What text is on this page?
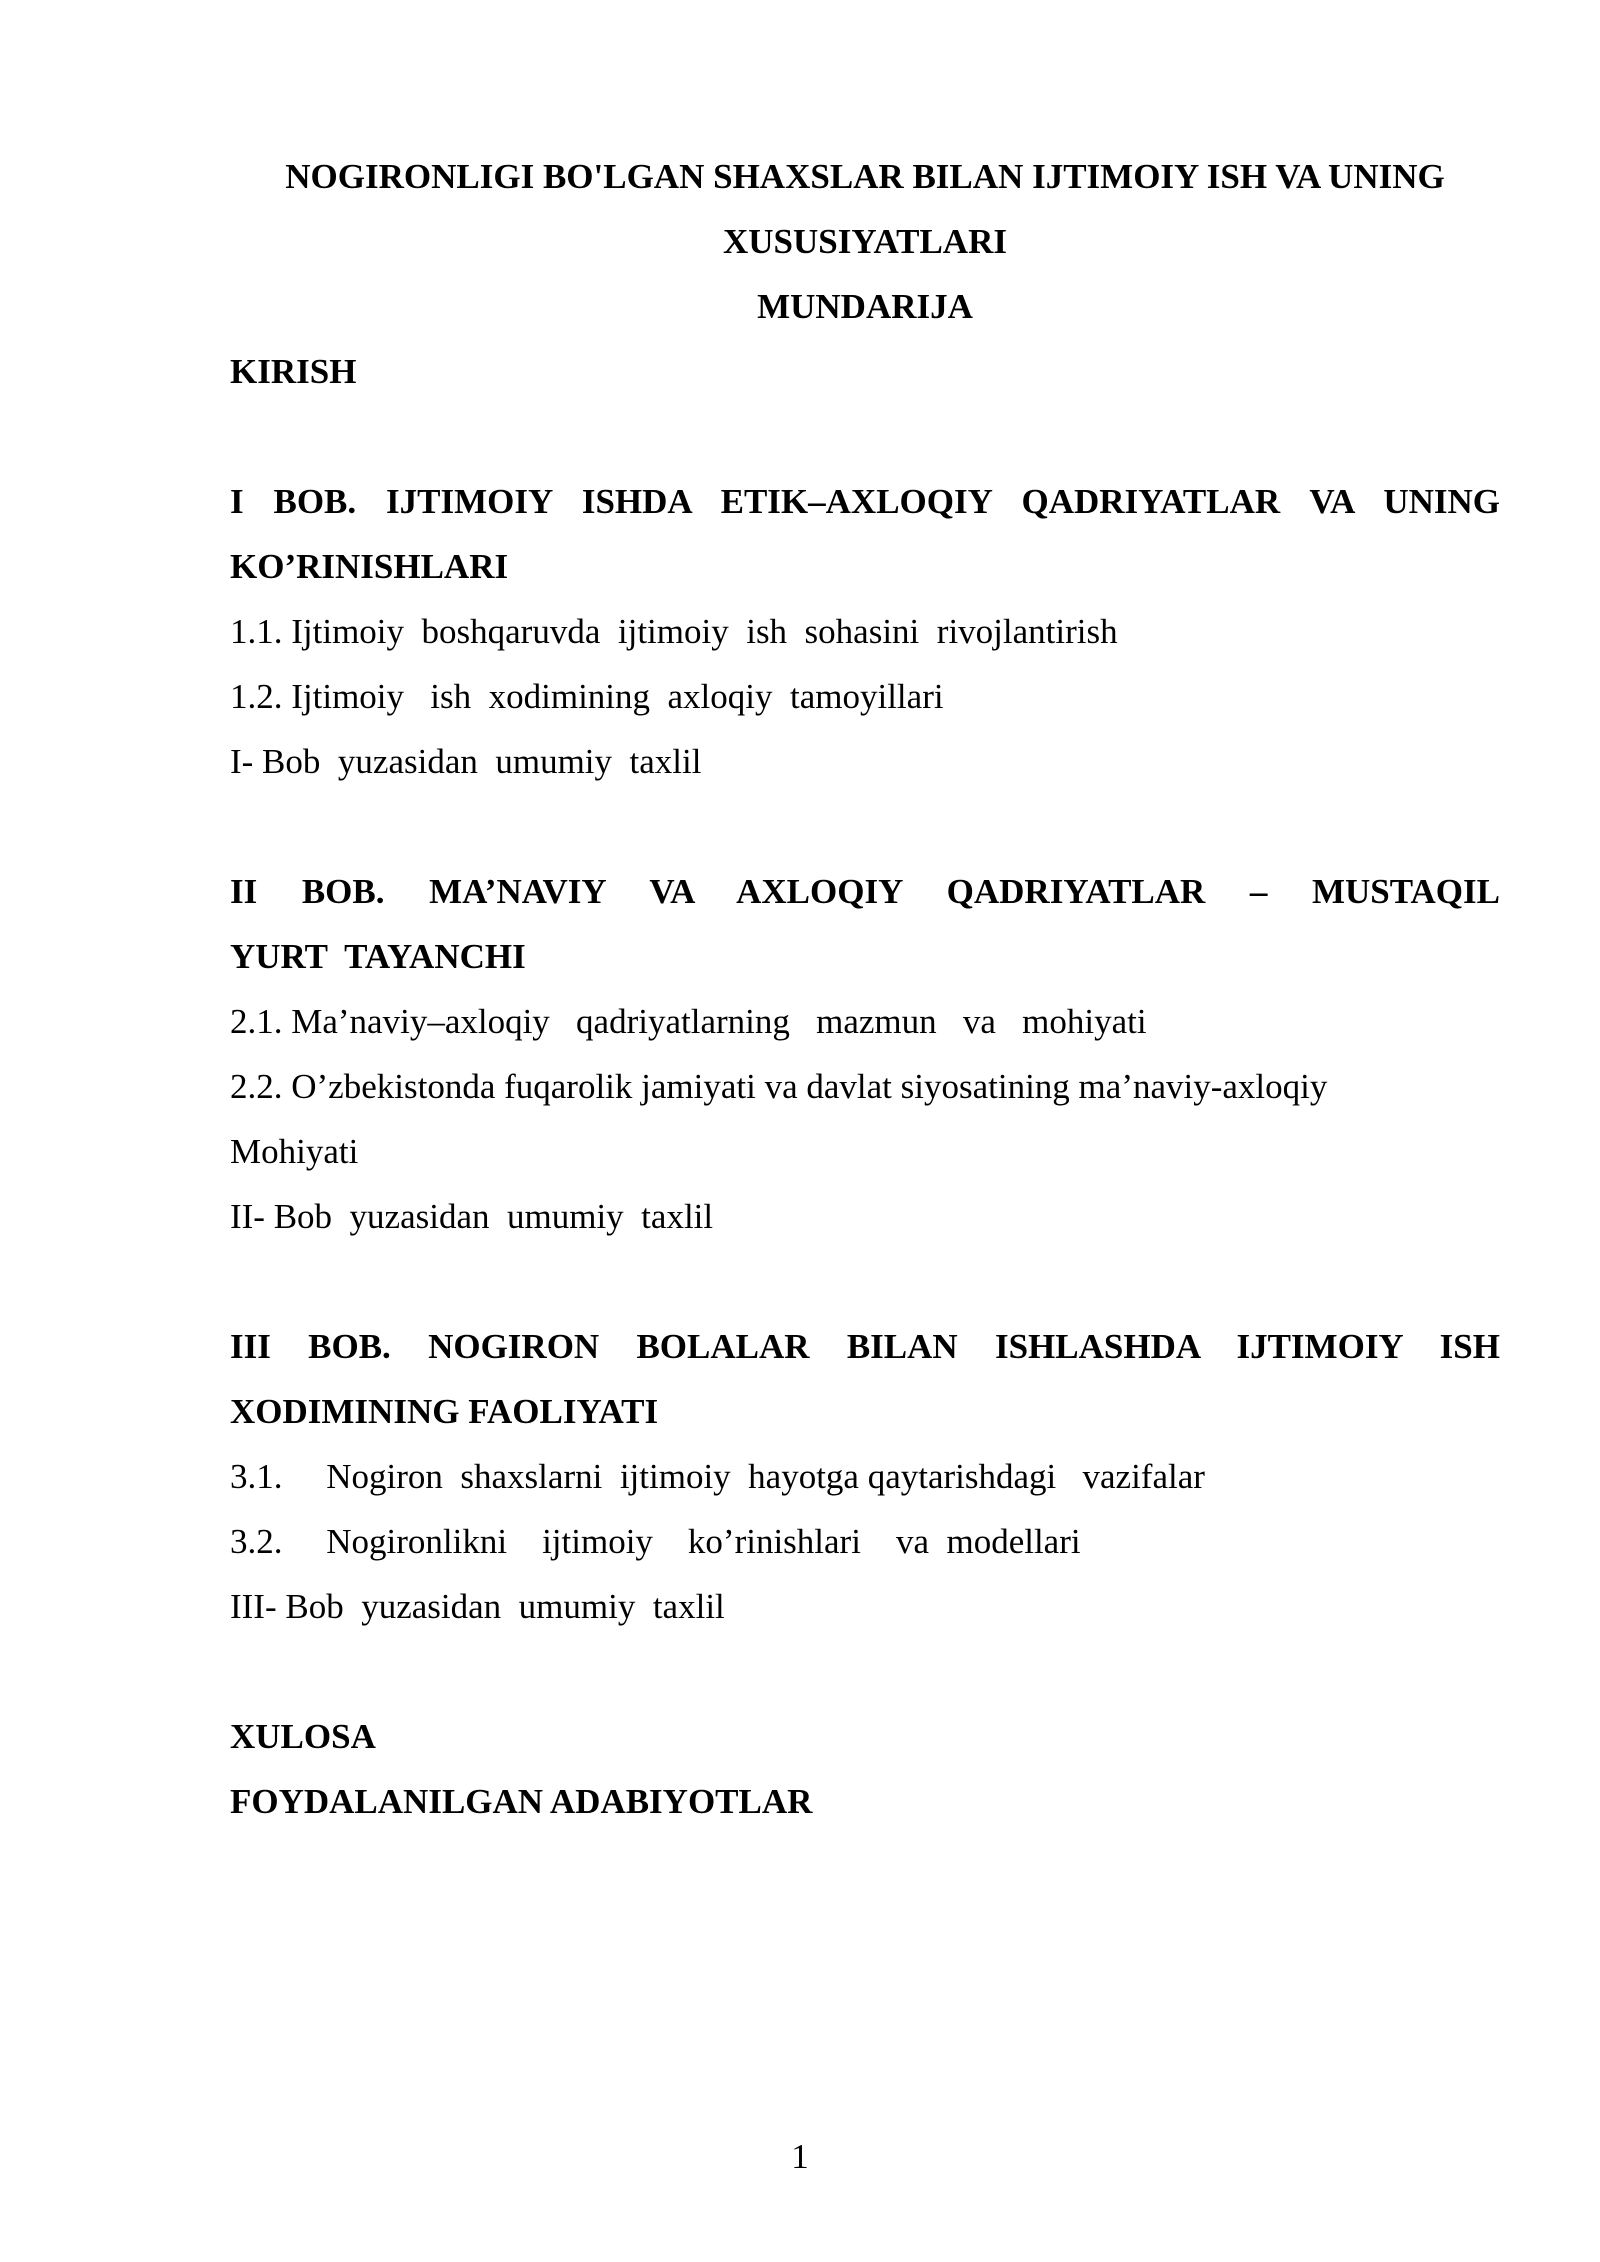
NOGIRONLIGI BO'LGAN SHAXSLAR BILAN IJTIMOIY ISH VA UNING
XUSUSIYATLARI
MUNDARIJA
KIRISH
I BOB. IJTIMOIY ISHDA ETIK–AXLOQIY QADRIYATLAR VA UNING
KO’RINISHLARI
1.1. Ijtimoiy  boshqaruvda  ijtimoiy  ish  sohasini  rivojlantirish
1.2. Ijtimoiy   ish  xodimining  axloqiy  tamoyillari
I- Bob  yuzasidan  umumiy  taxlil
II BOB. MA’NAVIY VA AXLOQIY QADRIYATLAR – MUSTAQIL
YURT  TAYANCHI
2.1. Ma’naviy–axloqiy   qadriyatlarning   mazmun   va   mohiyati
2.2. O’zbekistonda fuqarolik jamiyati va davlat siyosatining ma’naviy-axloqiy
Mohiyati
II- Bob  yuzasidan  umumiy  taxlil
III BOB. NOGIRON BOLALAR BILAN ISHLASHDA IJTIMOIY ISH
XODIMINING FAOLIYATI
3.1.     Nogiron  shaxslarni  ijtimoiy  hayotga qaytarishdagi   vazifalar
3.2.     Nogironlikni    ijtimoiy    ko’rinishlari    va  modellari
III- Bob  yuzasidan  umumiy  taxlil
XULOSA
FOYDALANILGAN ADABIYOTLAR
1
